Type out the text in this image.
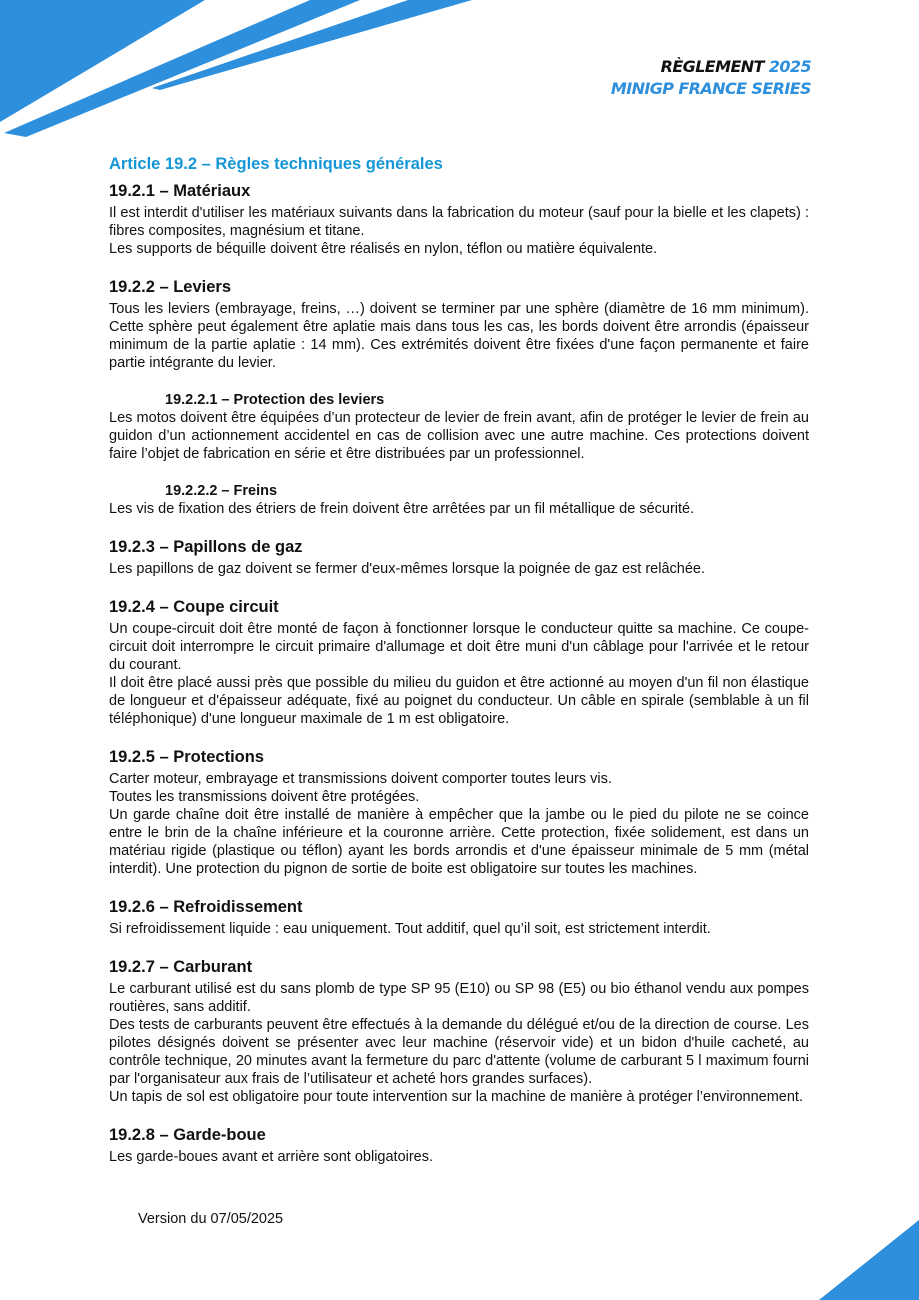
RÈGLEMENT 2025
MINIGP FRANCE SERIES
Article 19.2 – Règles techniques générales
19.2.1 – Matériaux

Il est interdit d'utiliser les matériaux suivants dans la fabrication du moteur (sauf pour la bielle et les clapets) : fibres composites, magnésium et titane.

Les supports de béquille doivent être réalisés en nylon, téflon ou matière équivalente.

19.2.2 – Leviers

Tous les leviers (embrayage, freins, …) doivent se terminer par une sphère (diamètre de 16 mm minimum). Cette sphère peut également être aplatie mais dans tous les cas, les bords doivent être arrondis (épaisseur minimum de la partie aplatie : 14 mm). Ces extrémités doivent être fixées d'une façon permanente et faire partie intégrante du levier.

19.2.2.1 – Protection des leviers

Les motos doivent être équipées d’un protecteur de levier de frein avant, afin de protéger le levier de frein au guidon d’un actionnement accidentel en cas de collision avec une autre machine. Ces protections doivent faire l’objet de fabrication en série et être distribuées par un professionnel.

19.2.2.2 – Freins

Les vis de fixation des étriers de frein doivent être arrêtées par un fil métallique de sécurité.

19.2.3 – Papillons de gaz

Les papillons de gaz doivent se fermer d'eux-mêmes lorsque la poignée de gaz est relâchée.

19.2.4 – Coupe circuit

Un coupe-circuit doit être monté de façon à fonctionner lorsque le conducteur quitte sa machine. Ce coupe-circuit doit interrompre le circuit primaire d'allumage et doit être muni d'un câblage pour l'arrivée et le retour du courant.

Il doit être placé aussi près que possible du milieu du guidon et être actionné au moyen d'un fil non élastique de longueur et d'épaisseur adéquate, fixé au poignet du conducteur. Un câble en spirale (semblable à un fil téléphonique) d'une longueur maximale de 1 m est obligatoire.

19.2.5 – Protections

Carter moteur, embrayage et transmissions doivent comporter toutes leurs vis.

Toutes les transmissions doivent être protégées.

Un garde chaîne doit être installé de manière à empêcher que la jambe ou le pied du pilote ne se coince entre le brin de la chaîne inférieure et la couronne arrière. Cette protection, fixée solidement, est dans un matériau rigide (plastique ou téflon) ayant les bords arrondis et d'une épaisseur minimale de 5 mm (métal interdit). Une protection du pignon de sortie de boite est obligatoire sur toutes les machines.

19.2.6 – Refroidissement

Si refroidissement liquide : eau uniquement. Tout additif, quel qu’il soit, est strictement interdit.

19.2.7 – Carburant

Le carburant utilisé est du sans plomb de type SP 95 (E10) ou SP 98 (E5) ou bio éthanol vendu aux pompes routières, sans additif.

Des tests de carburants peuvent être effectués à la demande du délégué et/ou de la direction de course. Les pilotes désignés doivent se présenter avec leur machine (réservoir vide) et un bidon d'huile cacheté, au contrôle technique, 20 minutes avant la fermeture du parc d'attente (volume de carburant 5 l maximum fourni par l'organisateur aux frais de l’utilisateur et acheté hors grandes surfaces).

Un tapis de sol est obligatoire pour toute intervention sur la machine de manière à protéger l’environnement.

19.2.8 – Garde-boue

Les garde-boues avant et arrière sont obligatoires.

Version du 07/05/2025
